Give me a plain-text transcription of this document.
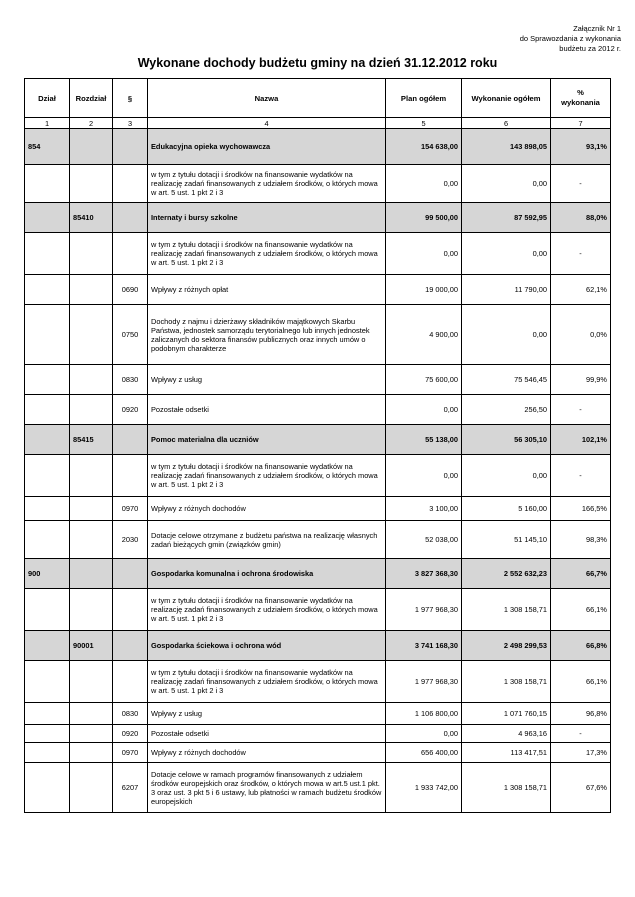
Załącznik Nr 1
do Sprawozdania z wykonania
budżetu za 2012 r.
Wykonane dochody budżetu gminy na dzień 31.12.2012 roku
Dział	Rozdział	§	Nazwa	Plan ogółem	Wykonanie ogółem	%
wykonania
1	2	3	4	5	6	7
854			Edukacyjna opieka wychowawcza	154 638,00	143 898,05	93,1%
			w tym z tytułu dotacji i środków na finansowanie wydatków na realizację zadań finansowanych z udziałem środków, o których mowa w art. 5 ust. 1 pkt 2 i 3	0,00	0,00	-
	85410		Internaty i bursy szkolne	99 500,00	87 592,95	88,0%
			w tym z tytułu dotacji i środków na finansowanie wydatków na realizację zadań finansowanych z udziałem środków, o których mowa w art. 5 ust. 1 pkt 2 i 3	0,00	0,00	-
		0690	Wpływy z różnych opłat	19 000,00	11 790,00	62,1%
		0750	Dochody z najmu i dzierżawy składników majątkowych Skarbu Państwa, jednostek samorządu terytorialnego lub innych jednostek zaliczanych do sektora finansów publicznych oraz innych umów o podobnym charakterze	4 900,00	0,00	0,0%
		0830	Wpływy z usług	75 600,00	75 546,45	99,9%
		0920	Pozostałe odsetki	0,00	256,50	-
	85415		Pomoc materialna dla uczniów	55 138,00	56 305,10	102,1%
			w tym z tytułu dotacji i środków na finansowanie wydatków na realizację zadań finansowanych z udziałem środków, o których mowa w art. 5 ust. 1 pkt 2 i 3	0,00	0,00	-
		0970	Wpływy z różnych dochodów	3 100,00	5 160,00	166,5%
		2030	Dotacje celowe otrzymane z budżetu państwa na realizację własnych zadań bieżących gmin (związków gmin)	52 038,00	51 145,10	98,3%
900			Gospodarka komunalna i ochrona środowiska	3 827 368,30	2 552 632,23	66,7%
			w tym z tytułu dotacji i środków na finansowanie wydatków na realizację zadań finansowanych z udziałem środków, o których mowa w art. 5 ust. 1 pkt 2 i 3	1 977 968,30	1 308 158,71	66,1%
	90001		Gospodarka ściekowa i ochrona wód	3 741 168,30	2 498 299,53	66,8%
			w tym z tytułu dotacji i środków na finansowanie wydatków na realizację zadań finansowanych z udziałem środków, o których mowa w art. 5 ust. 1 pkt 2 i 3	1 977 968,30	1 308 158,71	66,1%
		0830	Wpływy z usług	1 106 800,00	1 071 760,15	96,8%
		0920	Pozostałe odsetki	0,00	4 963,16	-
		0970	Wpływy z różnych dochodów	656 400,00	113 417,51	17,3%
		6207	Dotacje celowe w ramach programów finansowanych z udziałem środków europejskich oraz środków, o których mowa w art.5 ust.1 pkt. 3 oraz ust. 3 pkt 5 i 6 ustawy, lub płatności w ramach budżetu środków europejskich	1 933 742,00	1 308 158,71	67,6%
